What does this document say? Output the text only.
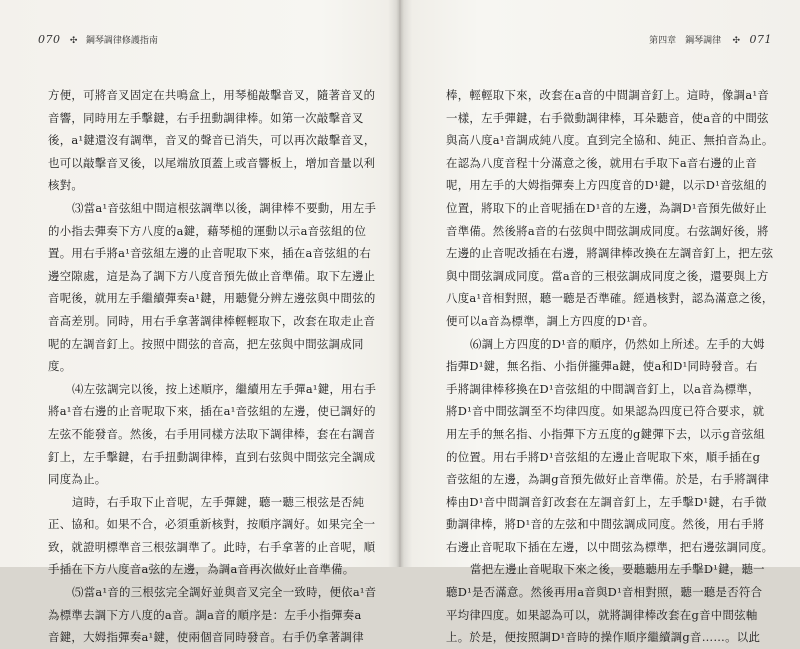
070 ✣ 鋼琴調律修護指南
方便，可將音叉固定在共鳴盒上，用琴槌敲擊音叉，隨著音叉的
音響，同時用左手擊鍵，右手扭動調律棒。如第一次敲擊音叉
後，a¹鍵還沒有調準，音叉的聲音已消失，可以再次敲擊音叉，
也可以敲擊音叉後，以尾端放頂蓋上或音響板上，增加音量以利
核對。
⑶當a¹音弦組中間這根弦調準以後，調律棒不要動，用左手
的小指去彈奏下方八度的a鍵，藉琴槌的運動以示a音弦組的位
置。用右手將a¹音弦組左邊的止音呢取下來，插在a音弦組的右
邊空隙處，這是為了調下方八度音預先做止音準備。取下左邊止
音呢後，就用左手繼續彈奏a¹鍵，用聽覺分辨左邊弦與中間弦的
音高差別。同時，用右手拿著調律棒輕輕取下，改套在取走止音
呢的左調音釘上。按照中間弦的音高，把左弦與中間弦調成同
度。
⑷左弦調完以後，按上述順序，繼續用左手彈a¹鍵，用右手
將a¹音右邊的止音呢取下來，插在a¹音弦組的左邊，使已調好的
左弦不能發音。然後，右手用同樣方法取下調律棒，套在右調音
釘上，左手擊鍵，右手扭動調律棒，直到右弦與中間弦完全調成
同度為止。
這時，右手取下止音呢，左手彈鍵，聽一聽三根弦是否純
正、協和。如果不合，必須重新核對，按順序調好。如果完全一
致，就證明標準音三根弦調準了。此時，右手拿著的止音呢，順
手插在下方八度音a弦的左邊，為調a音再次做好止音準備。
⑸當a¹音的三根弦完全調好並與音叉完全一致時，便依a¹音
為標準去調下方八度的a音。調a音的順序是：左手小指彈奏a
音鍵，大姆指彈奏a¹鍵，使兩個音同時發音。右手仍拿著調律
第四章　鋼琴調律 ✣ 071
棒，輕輕取下來，改套在a音的中間調音釘上。這時，像調a¹音
一樣，左手彈鍵，右手微動調律棒，耳朵聽音，使a音的中間弦
與高八度a¹音調成純八度。直到完全協和、純正、無拍音為止。
在認為八度音程十分滿意之後，就用右手取下a音右邊的止音
呢，用左手的大姆指彈奏上方四度音的D¹鍵，以示D¹音弦組的
位置，將取下的止音呢插在D¹音的左邊，為調D¹音預先做好止
音準備。然後將a音的右弦與中間弦調成同度。右弦調好後，將
左邊的止音呢改插在右邊，將調律棒改換在左調音釘上，把左弦
與中間弦調成同度。當a音的三根弦調成同度之後，還要與上方
八度a¹音相對照，聽一聽是否準確。經過核對，認為滿意之後，
便可以a音為標準，調上方四度的D¹音。
⑹調上方四度的D¹音的順序，仍然如上所述。左手的大姆
指彈D¹鍵，無名指、小指併攏彈a鍵，使a和D¹同時發音。右
手將調律棒移換在D¹音弦組的中間調音釘上，以a音為標準，
將D¹音中間弦調至不均律四度。如果認為四度已符合要求，就
用左手的無名指、小指彈下方五度的g鍵彈下去，以示g音弦組
的位置。用右手將D¹音弦組的左邊止音呢取下來，順手插在g
音弦組的左邊，為調g音預先做好止音準備。於是，右手將調律
棒由D¹音中間調音釘改套在左調音釘上，左手擊D¹鍵，右手微
動調律棒，將D¹音的左弦和中間弦調成同度。然後，用右手將
右邊止音呢取下插在左邊，以中間弦為標準，把右邊弦調同度。
當把左邊止音呢取下來之後，要聽聽用左手擊D¹鍵，聽一
聽D¹是否滿意。然後再用a音與D¹音相對照，聽一聽是否符合
平均律四度。如果認為可以，就將調律棒改套在g音中間弦軸
上。於是，便按照調D¹音時的操作順序繼續調g音……。以此
